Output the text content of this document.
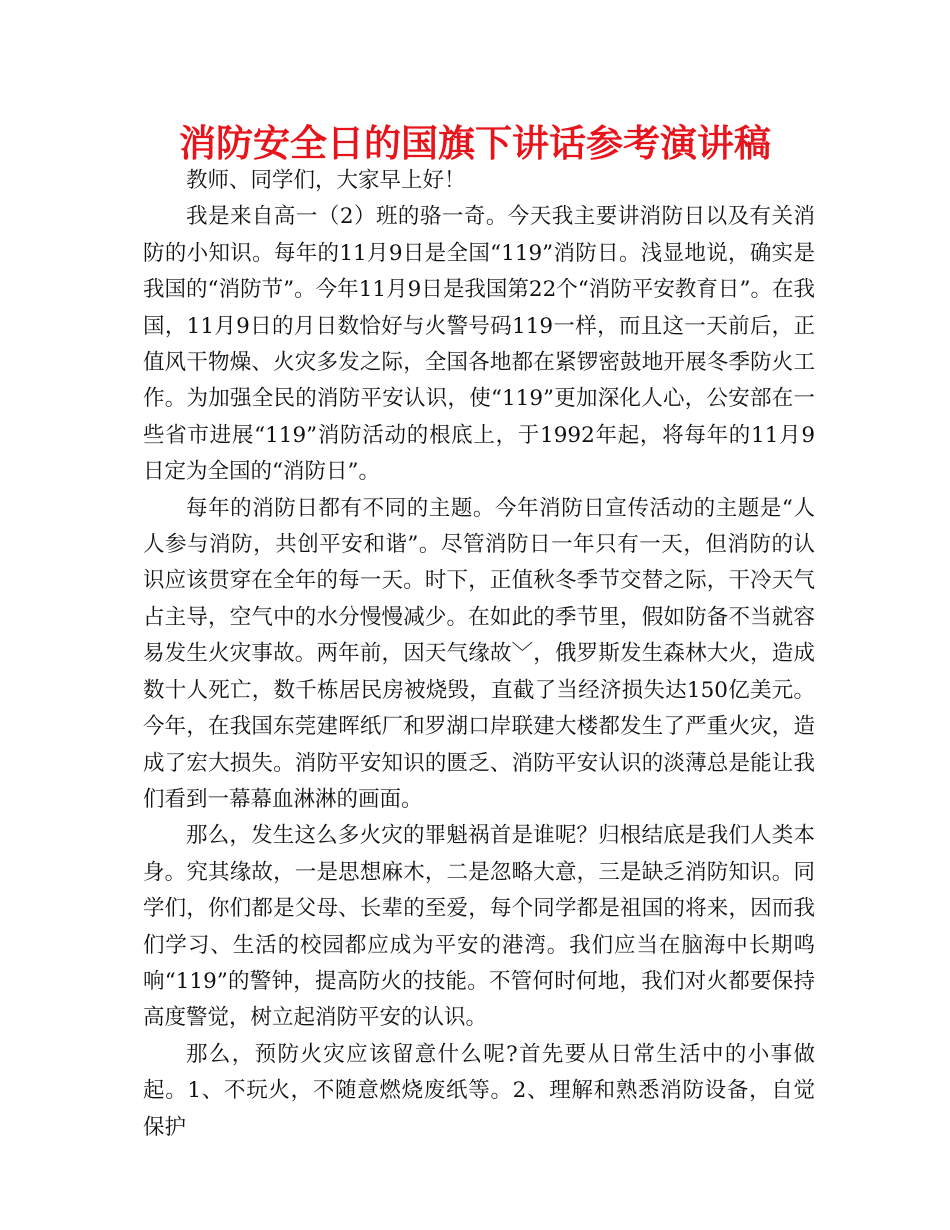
消防安全日的国旗下讲话参考演讲稿

教师、同学们，大家早上好！

我是来自高一（2）班的骆一奇。今天我主要讲消防日以及有关消防的小知识。每年的11月9日是全国“119”消防日。浅显地说，确实是我国的“消防节”。今年11月9日是我国第22个“消防平安教育日”。在我国，11月9日的月日数恰好与火警号码119一样，而且这一天前后，正值风干物燥、火灾多发之际，全国各地都在紧锣密鼓地开展冬季防火工作。为加强全民的消防平安认识，使“119”更加深化人心，公安部在一些省市进展“119”消防活动的根底上，于1992年起，将每年的11月9日定为全国的“消防日”。

每年的消防日都有不同的主题。今年消防日宣传活动的主题是“人人参与消防，共创平安和谐”。尽管消防日一年只有一天，但消防的认识应该贯穿在全年的每一天。时下，正值秋冬季节交替之际，干冷天气占主导，空气中的水分慢慢减少。在如此的季节里，假如防备不当就容易发生火灾事故。两年前，因天气缘故﹀，俄罗斯发生森林大火，造成数十人死亡，数千栋居民房被烧毁，直截了当经济损失达150亿美元。今年，在我国东莞建晖纸厂和罗湖口岸联建大楼都发生了严重火灾，造成了宏大损失。消防平安知识的匮乏、消防平安认识的淡薄总是能让我们看到一幕幕血淋淋的画面。

那么，发生这么多火灾的罪魁祸首是谁呢？归根结底是我们人类本身。究其缘故，一是思想麻木，二是忽略大意，三是缺乏消防知识。同学们，你们都是父母、长辈的至爱，每个同学都是祖国的将来，因而我们学习、生活的校园都应成为平安的港湾。我们应当在脑海中长期鸣响“119”的警钟，提高防火的技能。不管何时何地，我们对火都要保持高度警觉，树立起消防平安的认识。

那么，预防火灾应该留意什么呢?首先要从日常生活中的小事做起。1、不玩火，不随意燃烧废纸等。2、理解和熟悉消防设备，自觉保护
